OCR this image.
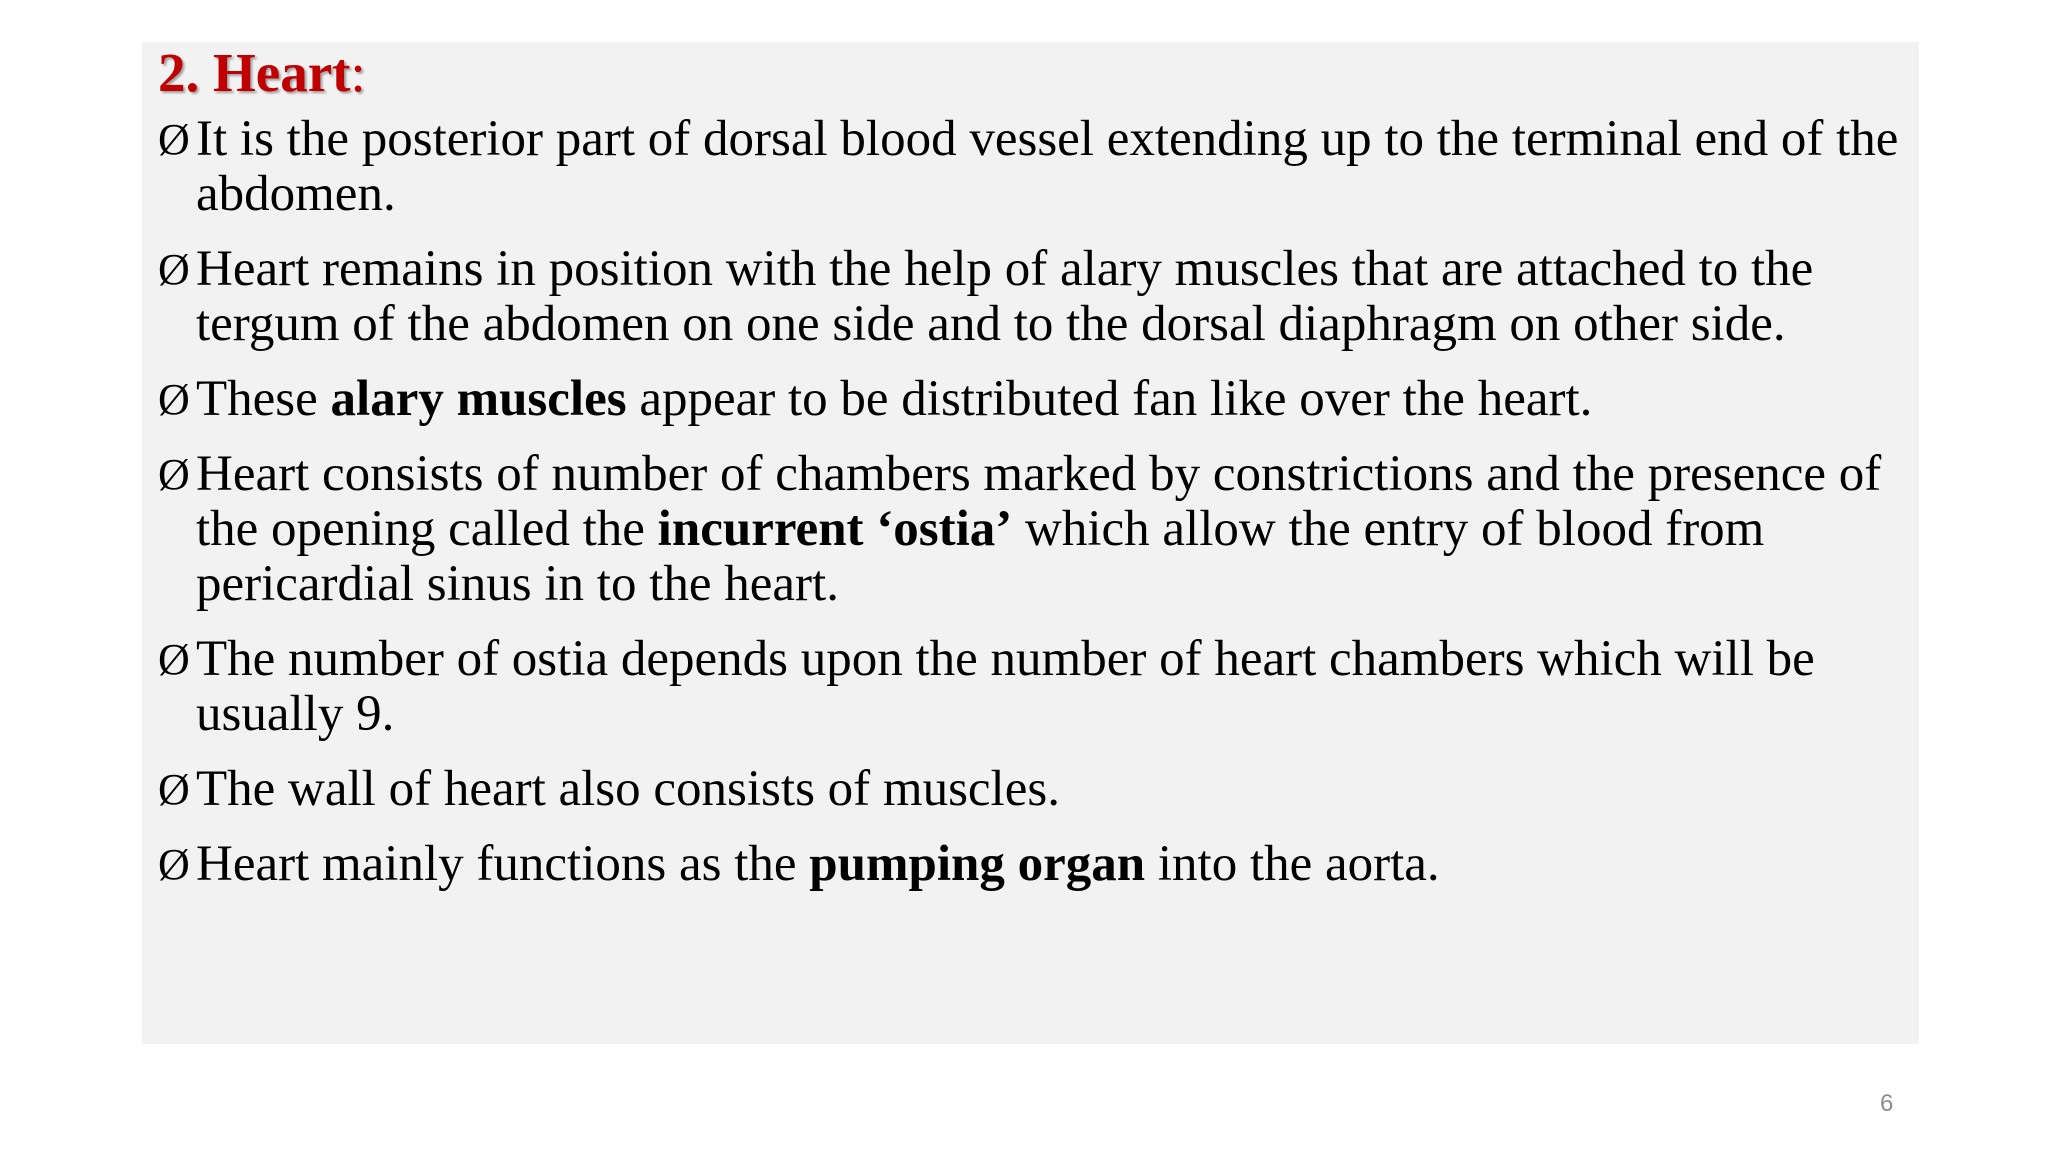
2. Heart:
Ø It is the posterior part of dorsal blood vessel extending up to the terminal end of the abdomen.
Ø Heart remains in position with the help of alary muscles that are attached to the tergum of the abdomen on one side and to the dorsal diaphragm on other side.
Ø These alary muscles appear to be distributed fan like over the heart.
Ø Heart consists of number of chambers marked by constrictions and the presence of the opening called the incurrent ‘ostia’ which allow the entry of blood from pericardial sinus in to the heart.
Ø The number of ostia depends upon the number of heart chambers which will be usually 9.
Ø The wall of heart also consists of muscles.
Ø Heart mainly functions as the pumping organ into the aorta.
6
